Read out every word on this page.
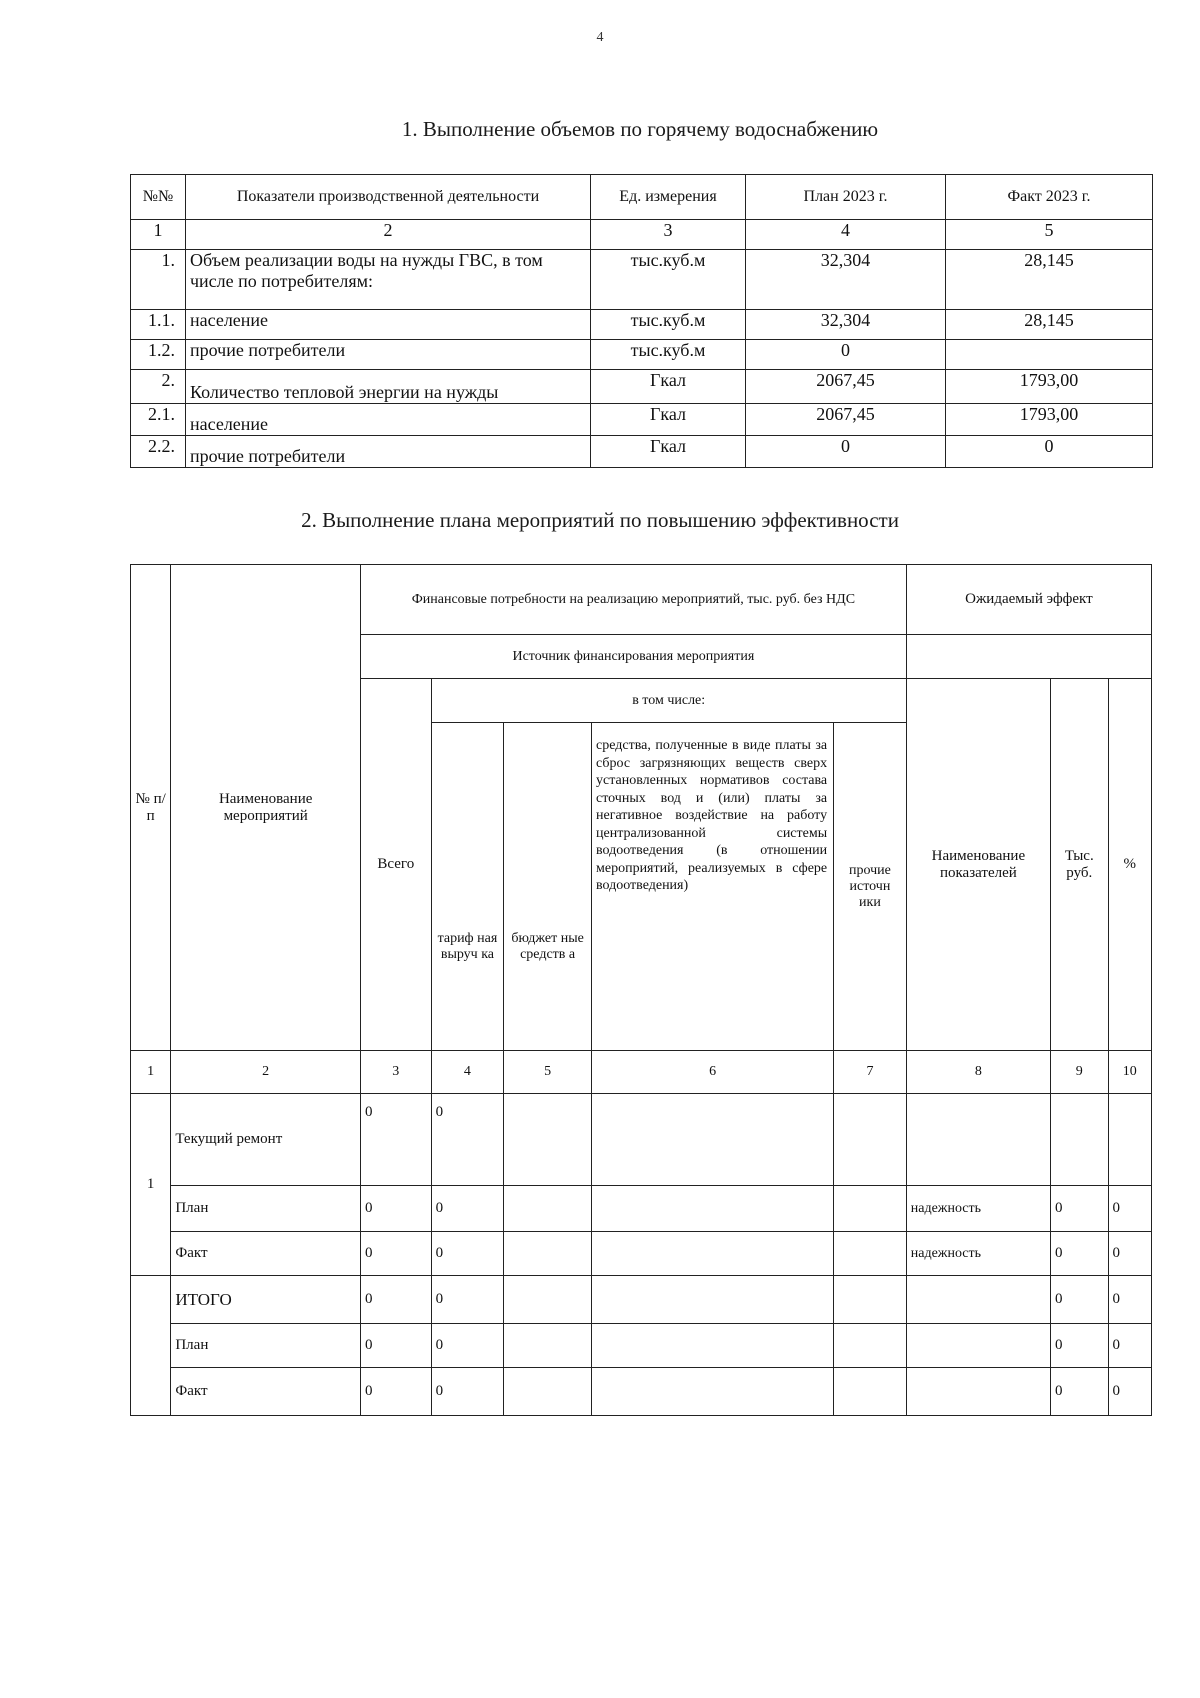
4
1. Выполнение объемов по горячему водоснабжению
№№	Показатели производственной деятельности	Ед. измерения	План 2023 г.	Факт 2023 г.
1	2	3	4	5
1.	Объем реализации воды на нужды ГВС, в том числе по потребителям:	тыс.куб.м	32,304	28,145
1.1.	население	тыс.куб.м	32,304	28,145
1.2.	прочие потребители	тыс.куб.м	0	
2.	Количество тепловой энергии на нужды	Гкал	2067,45	1793,00
2.1.	население	Гкал	2067,45	1793,00
2.2.	прочие потребители	Гкал	0	0
2. Выполнение плана мероприятий по повышению эффективности
№ п/п	Наименование мероприятий	Финансовые потребности на реализацию мероприятий, тыс. руб. без НДС					Ожидаемый эффект		
		Источник финансирования мероприятия							
		Всего	в том числе:				Наименование показателей	Тыс. руб.	%
			тариф ная выруч ка	бюджет ные средств а	средства, полученные в виде платы за сброс загрязняющих веществ сверх установленных нормативов состава сточных вод и (или) платы за негативное воздействие на работу централизованной системы водоотведения (в отношении мероприятий, реализуемых в сфере водоотведения)	прочие источн ики			
1	2	3	4	5	6	7	8	9	10
1	Текущий ремонт	0	0						
	План	0	0				надежность	0	0
	Факт	0	0				надежность	0	0
	ИТОГО	0	0					0	0
	План	0	0					0	0
	Факт	0	0					0	0
